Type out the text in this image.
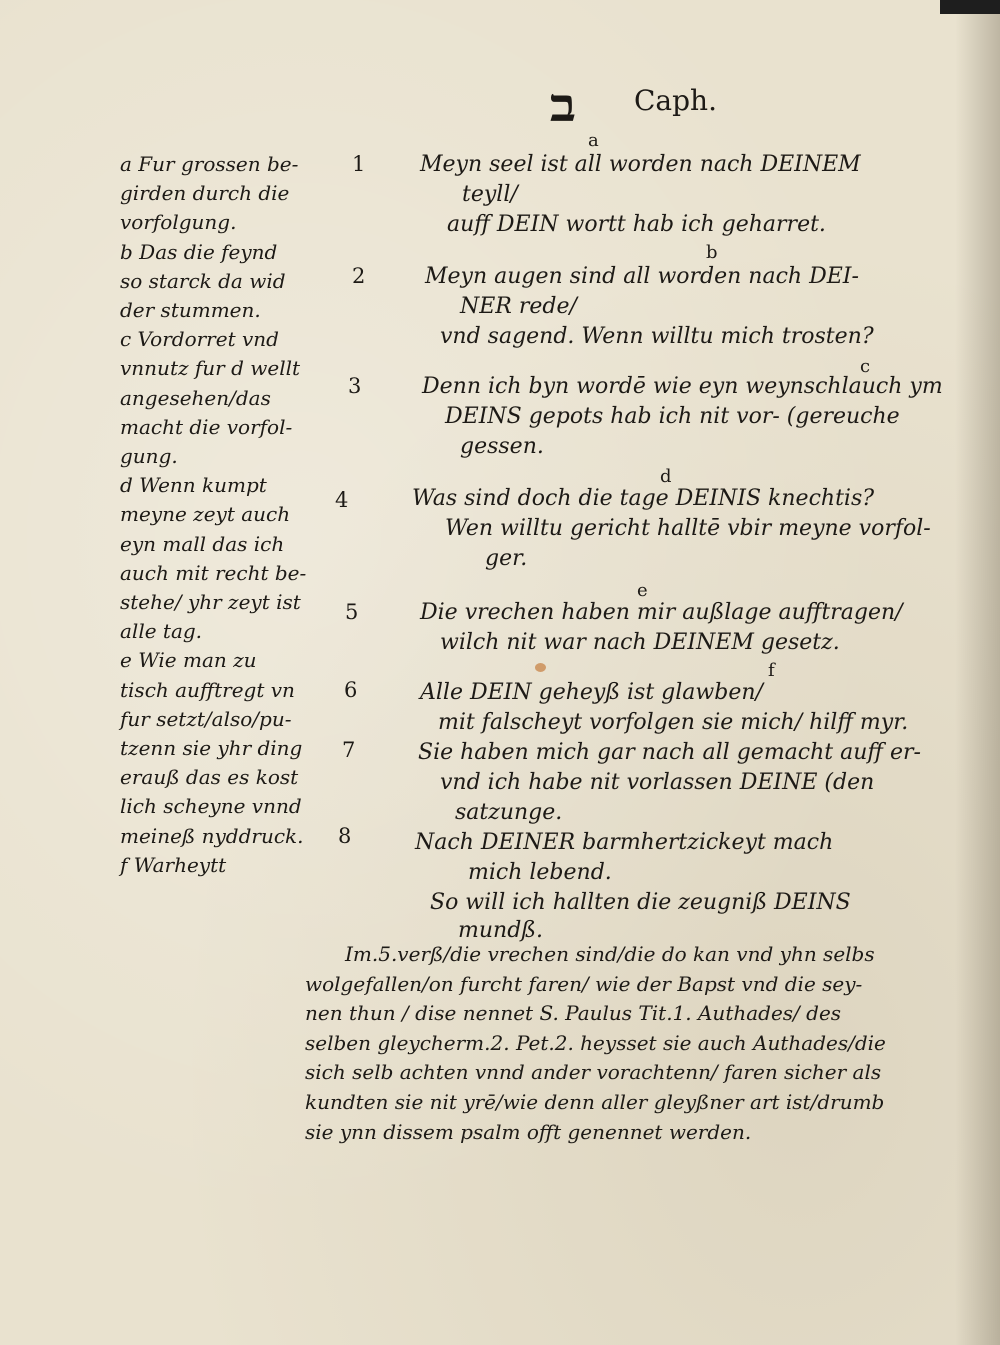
ב Caph.
a Fur grossen be-
girden durch die
vorfolgung.
b Das die feynd
so starck da wid
der stummen.
c Vordorret vnd
vnnutz fur d wellt
angesehen/das
macht die vorfol-
gung.
d Wenn kumpt
meyne zeyt auch
eyn mall das ich
auch mit recht be-
stehe/ yhr zeyt ist
alle tag.
e Wie man zu
tisch aufftregt vn
fur setzt/also/pu-
tzenn sie yhr ding
erauß das es kost
lich scheyne vnnd
meineß nyddruck.
f Warheytt
1
2
3
4
5
6
7
8
a
b
c
d
e
f
Meyn seel ist all worden nach DEINEM
teyll/
auff DEIN wortt hab ich geharret.
Meyn augen sind all worden nach DEI-
NER rede/
vnd sagend. Wenn willtu mich trosten?
Denn ich byn wordē wie eyn weynschlauch ym
DEINS gepots hab ich nit vor- (gereuche
gessen.
Was sind doch die tage DEINIS knechtis?
Wen willtu gericht halltē vbir meyne vorfol-
ger.
Die vrechen haben mir außlage aufftragen/
wilch nit war nach DEINEM gesetz.
Alle DEIN geheyß ist glawben/
mit falscheyt vorfolgen sie mich/ hilff myr.
Sie haben mich gar nach all gemacht auff er-
vnd ich habe nit vorlassen DEINE (den
satzunge.
Nach DEINER barmhertzickeyt mach
mich lebend.
So will ich hallten die zeugniß DEINS
mundß.
Im.5.verß/die vrechen sind/die do kan vnd yhn selbs
wolgefallen/on furcht faren/ wie der Bapst vnd die sey-
nen thun / dise nennet S. Paulus Tit.1. Authades/ des
selben gleycherm.2. Pet.2. heysset sie auch Authades/die
sich selb achten vnnd ander vorachtenn/ faren sicher als
kundten sie nit yrē/wie denn aller gleyßner art ist/drumb
sie ynn dissem psalm offt genennet werden.
